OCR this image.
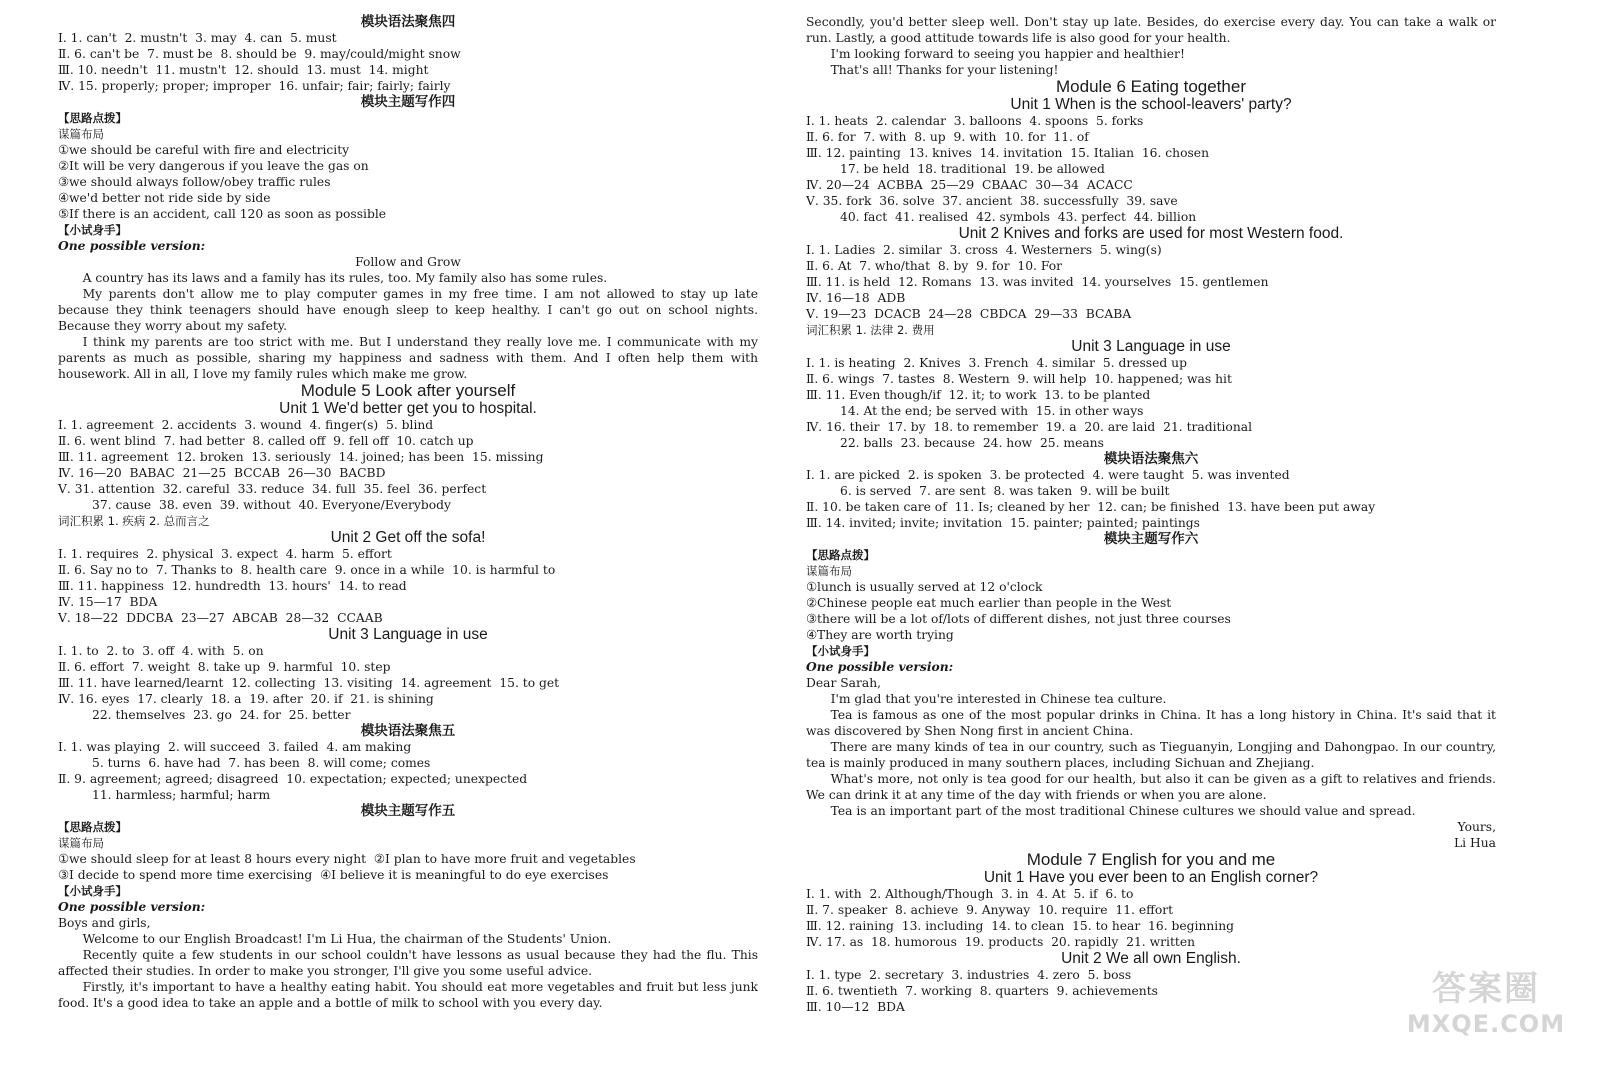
模块语法聚焦四
Ⅰ. 1. can't  2. mustn't  3. may  4. can  5. must
Ⅱ. 6. can't be  7. must be  8. should be  9. may/could/might snow
Ⅲ. 10. needn't  11. mustn't  12. should  13. must  14. might
Ⅳ. 15. properly; proper; improper  16. unfair; fair; fairly; fairly
模块主题写作四
【思路点拨】
谋篇布局
①we should be careful with fire and electricity
②It will be very dangerous if you leave the gas on
③we should always follow/obey traffic rules
④we'd better not ride side by side
⑤If there is an accident, call 120 as soon as possible
【小试身手】
One possible version:
Follow and Grow
A country has its laws and a family has its rules, too. My family also has some rules.
My parents don't allow me to play computer games in my free time. I am not allowed to stay up late because they think teenagers should have enough sleep to keep healthy. I can't go out on school nights. Because they worry about my safety.
I think my parents are too strict with me. But I understand they really love me. I communicate with my parents as much as possible, sharing my happiness and sadness with them. And I often help them with housework. All in all, I love my family rules which make me grow.
Module 5 Look after yourself
Unit 1 We'd better get you to hospital.
Ⅰ. 1. agreement  2. accidents  3. wound  4. finger(s)  5. blind
Ⅱ. 6. went blind  7. had better  8. called off  9. fell off  10. catch up
Ⅲ. 11. agreement  12. broken  13. seriously  14. joined; has been  15. missing
Ⅳ. 16—20  BABAC  21—25  BCCAB  26—30  BACBD
Ⅴ. 31. attention  32. careful  33. reduce  34. full  35. feel  36. perfect
37. cause  38. even  39. without  40. Everyone/Everybody
词汇积累 1. 疾病 2. 总而言之
Unit 2 Get off the sofa!
Ⅰ. 1. requires  2. physical  3. expect  4. harm  5. effort
Ⅱ. 6. Say no to  7. Thanks to  8. health care  9. once in a while  10. is harmful to
Ⅲ. 11. happiness  12. hundredth  13. hours'  14. to read
Ⅳ. 15—17  BDA
Ⅴ. 18—22  DDCBA  23—27  ABCAB  28—32  CCAAB
Unit 3 Language in use
Ⅰ. 1. to  2. to  3. off  4. with  5. on
Ⅱ. 6. effort  7. weight  8. take up  9. harmful  10. step
Ⅲ. 11. have learned/learnt  12. collecting  13. visiting  14. agreement  15. to get
Ⅳ. 16. eyes  17. clearly  18. a  19. after  20. if  21. is shining
22. themselves  23. go  24. for  25. better
模块语法聚焦五
Ⅰ. 1. was playing  2. will succeed  3. failed  4. am making
5. turns  6. have had  7. has been  8. will come; comes
Ⅱ. 9. agreement; agreed; disagreed  10. expectation; expected; unexpected
11. harmless; harmful; harm
模块主题写作五
【思路点拨】
谋篇布局
①we should sleep for at least 8 hours every night  ②I plan to have more fruit and vegetables
③I decide to spend more time exercising  ④I believe it is meaningful to do eye exercises
【小试身手】
One possible version:
Boys and girls,
Welcome to our English Broadcast! I'm Li Hua, the chairman of the Students' Union.
Recently quite a few students in our school couldn't have lessons as usual because they had the flu. This affected their studies. In order to make you stronger, I'll give you some useful advice.
Firstly, it's important to have a healthy eating habit. You should eat more vegetables and fruit but less junk food. It's a good idea to take an apple and a bottle of milk to school with you every day.
Secondly, you'd better sleep well. Don't stay up late. Besides, do exercise every day. You can take a walk or run. Lastly, a good attitude towards life is also good for your health.
I'm looking forward to seeing you happier and healthier!
That's all! Thanks for your listening!
Module 6 Eating together
Unit 1 When is the school-leavers' party?
Ⅰ. 1. heats  2. calendar  3. balloons  4. spoons  5. forks
Ⅱ. 6. for  7. with  8. up  9. with  10. for  11. of
Ⅲ. 12. painting  13. knives  14. invitation  15. Italian  16. chosen
17. be held  18. traditional  19. be allowed
Ⅳ. 20—24  ACBBA  25—29  CBAAC  30—34  ACACC
Ⅴ. 35. fork  36. solve  37. ancient  38. successfully  39. save
40. fact  41. realised  42. symbols  43. perfect  44. billion
Unit 2 Knives and forks are used for most Western food.
Ⅰ. 1. Ladies  2. similar  3. cross  4. Westerners  5. wing(s)
Ⅱ. 6. At  7. who/that  8. by  9. for  10. For
Ⅲ. 11. is held  12. Romans  13. was invited  14. yourselves  15. gentlemen
Ⅳ. 16—18  ADB
Ⅴ. 19—23  DCACB  24—28  CBDCA  29—33  BCABA
词汇积累 1. 法律 2. 费用
Unit 3 Language in use
Ⅰ. 1. is heating  2. Knives  3. French  4. similar  5. dressed up
Ⅱ. 6. wings  7. tastes  8. Western  9. will help  10. happened; was hit
Ⅲ. 11. Even though/if  12. it; to work  13. to be planted
14. At the end; be served with  15. in other ways
Ⅳ. 16. their  17. by  18. to remember  19. a  20. are laid  21. traditional
22. balls  23. because  24. how  25. means
模块语法聚焦六
Ⅰ. 1. are picked  2. is spoken  3. be protected  4. were taught  5. was invented
6. is served  7. are sent  8. was taken  9. will be built
Ⅱ. 10. be taken care of  11. Is; cleaned by her  12. can; be finished  13. have been put away
Ⅲ. 14. invited; invite; invitation  15. painter; painted; paintings
模块主题写作六
【思路点拨】
谋篇布局
①lunch is usually served at 12 o'clock
②Chinese people eat much earlier than people in the West
③there will be a lot of/lots of different dishes, not just three courses
④They are worth trying
【小试身手】
One possible version:
Dear Sarah,
I'm glad that you're interested in Chinese tea culture.
Tea is famous as one of the most popular drinks in China. It has a long history in China. It's said that it was discovered by Shen Nong first in ancient China.
There are many kinds of tea in our country, such as Tieguanyin, Longjing and Dahongpao. In our country, tea is mainly produced in many southern places, including Sichuan and Zhejiang.
What's more, not only is tea good for our health, but also it can be given as a gift to relatives and friends. We can drink it at any time of the day with friends or when you are alone.
Tea is an important part of the most traditional Chinese cultures we should value and spread.
Yours,
Li Hua
Module 7 English for you and me
Unit 1 Have you ever been to an English corner?
Ⅰ. 1. with  2. Although/Though  3. in  4. At  5. if  6. to
Ⅱ. 7. speaker  8. achieve  9. Anyway  10. require  11. effort
Ⅲ. 12. raining  13. including  14. to clean  15. to hear  16. beginning
Ⅳ. 17. as  18. humorous  19. products  20. rapidly  21. written
Unit 2 We all own English.
Ⅰ. 1. type  2. secretary  3. industries  4. zero  5. boss
Ⅱ. 6. twentieth  7. working  8. quarters  9. achievements
Ⅲ. 10—12  BDA	答案圈
MXQE.COM
